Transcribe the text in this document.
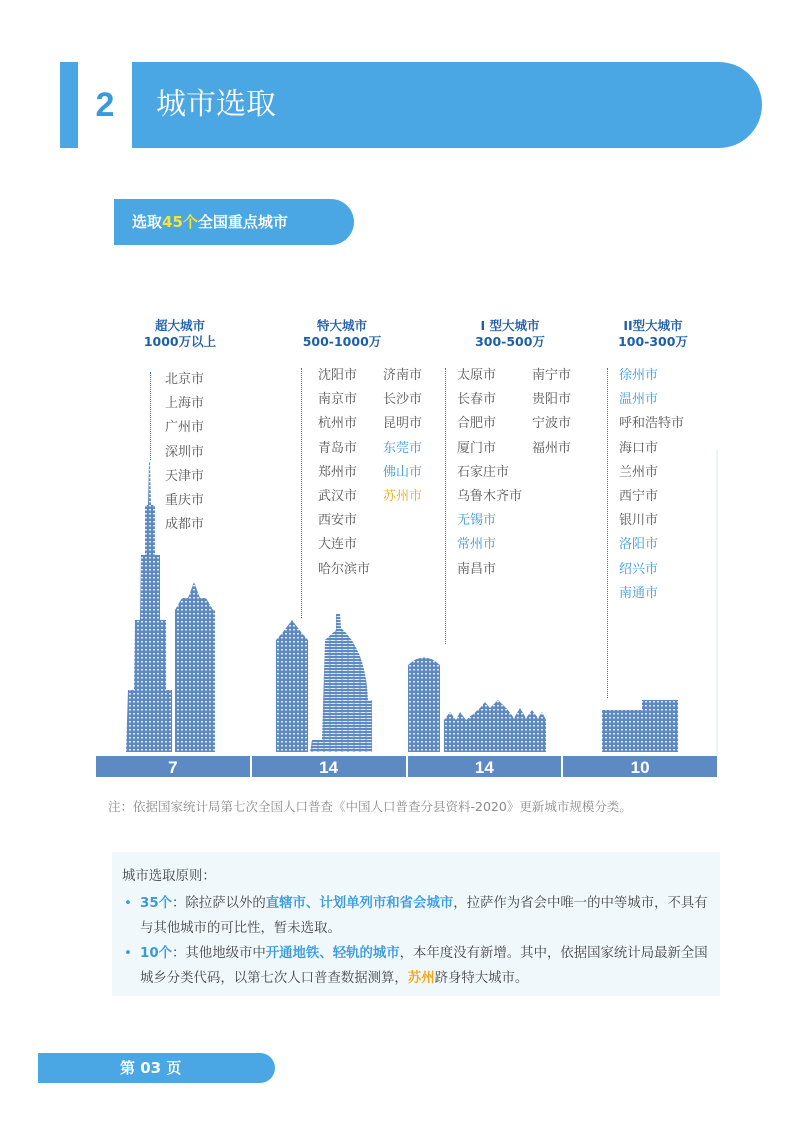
2	城市选取
选取45个全国重点城市
超大城市
1000万以上
北京市
上海市
广州市
深圳市
天津市
重庆市
成都市
特大城市
500-1000万
沈阳市
南京市
杭州市
青岛市
郑州市
武汉市
西安市
大连市
哈尔滨市
济南市
长沙市
昆明市
东莞市
佛山市
苏州市
I 型大城市
300-500万
太原市
长春市
合肥市
厦门市
石家庄市
乌鲁木齐市
无锡市
常州市
南昌市
南宁市
贵阳市
宁波市
福州市
II型大城市
100-300万
徐州市
温州市
呼和浩特市
海口市
兰州市
西宁市
银川市
洛阳市
绍兴市
南通市
7	14	14	10
注：依据国家统计局第七次全国人口普查《中国人口普查分县资料-2020》更新城市规模分类。
城市选取原则：
• 35个：除拉萨以外的直辖市、计划单列市和省会城市，拉萨作为省会中唯一的中等城市，不具有与其他城市的可比性，暂未选取。
• 10个：其他地级市中开通地铁、轻轨的城市，本年度没有新增。其中，依据国家统计局最新全国城乡分类代码，以第七次人口普查数据测算，苏州跻身特大城市。
第 03 页
